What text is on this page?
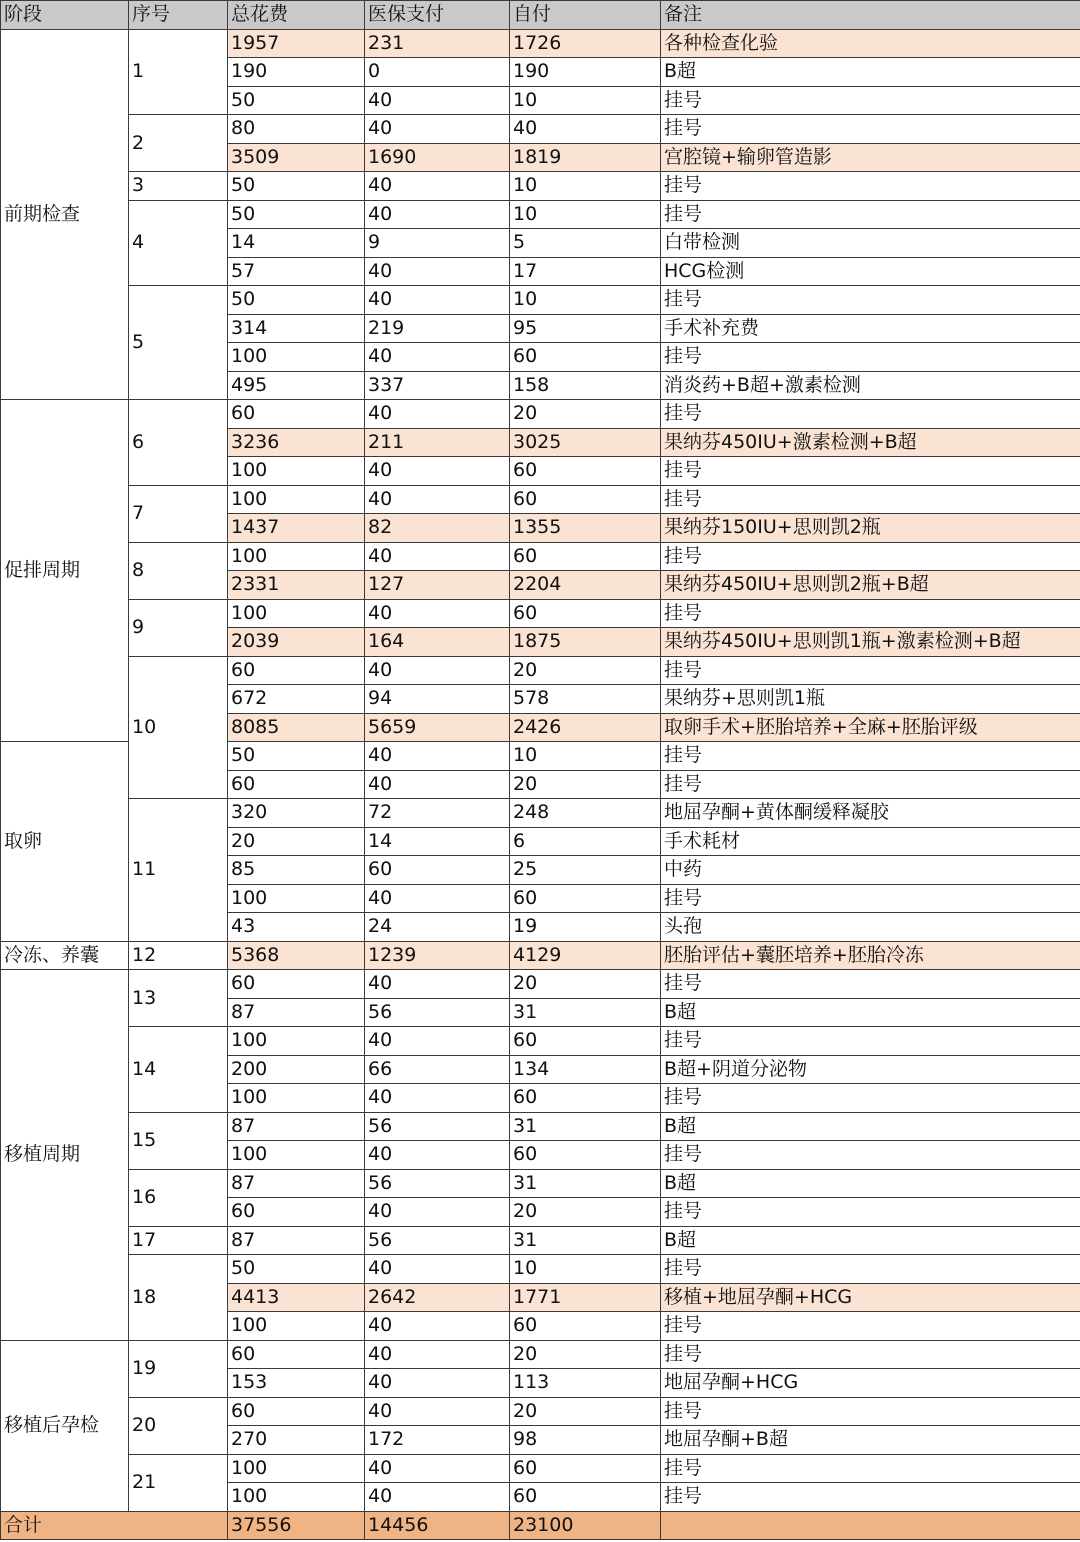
阶段	序号	总花费	医保支付	自付	备注
前期检查	1	1957	231	1726	各种检查化验
		190	0	190	B超
		50	40	10	挂号
	2	80	40	40	挂号
		3509	1690	1819	宫腔镜+输卵管造影
	3	50	40	10	挂号
	4	50	40	10	挂号
		14	9	5	白带检测
		57	40	17	HCG检测
	5	50	40	10	挂号
		314	219	95	手术补充费
		100	40	60	挂号
		495	337	158	消炎药+B超+激素检测
促排周期	6	60	40	20	挂号
		3236	211	3025	果纳芬450IU+激素检测+B超
		100	40	60	挂号
	7	100	40	60	挂号
		1437	82	1355	果纳芬150IU+思则凯2瓶
	8	100	40	60	挂号
		2331	127	2204	果纳芬450IU+思则凯2瓶+B超
	9	100	40	60	挂号
		2039	164	1875	果纳芬450IU+思则凯1瓶+激素检测+B超
	10	60	40	20	挂号
		672	94	578	果纳芬+思则凯1瓶
		8085	5659	2426	取卵手术+胚胎培养+全麻+胚胎评级
取卵		50	40	10	挂号
		60	40	20	挂号
	11	320	72	248	地屈孕酮+黄体酮缓释凝胶
		20	14	6	手术耗材
		85	60	25	中药
		100	40	60	挂号
		43	24	19	头孢
冷冻、养囊	12	5368	1239	4129	胚胎评估+囊胚培养+胚胎冷冻
移植周期	13	60	40	20	挂号
		87	56	31	B超
	14	100	40	60	挂号
		200	66	134	B超+阴道分泌物
		100	40	60	挂号
	15	87	56	31	B超
		100	40	60	挂号
	16	87	56	31	B超
		60	40	20	挂号
	17	87	56	31	B超
	18	50	40	10	挂号
		4413	2642	1771	移植+地屈孕酮+HCG
		100	40	60	挂号
移植后孕检	19	60	40	20	挂号
		153	40	113	地屈孕酮+HCG
	20	60	40	20	挂号
		270	172	98	地屈孕酮+B超
	21	100	40	60	挂号
		100	40	60	挂号
合计		37556	14456	23100	
